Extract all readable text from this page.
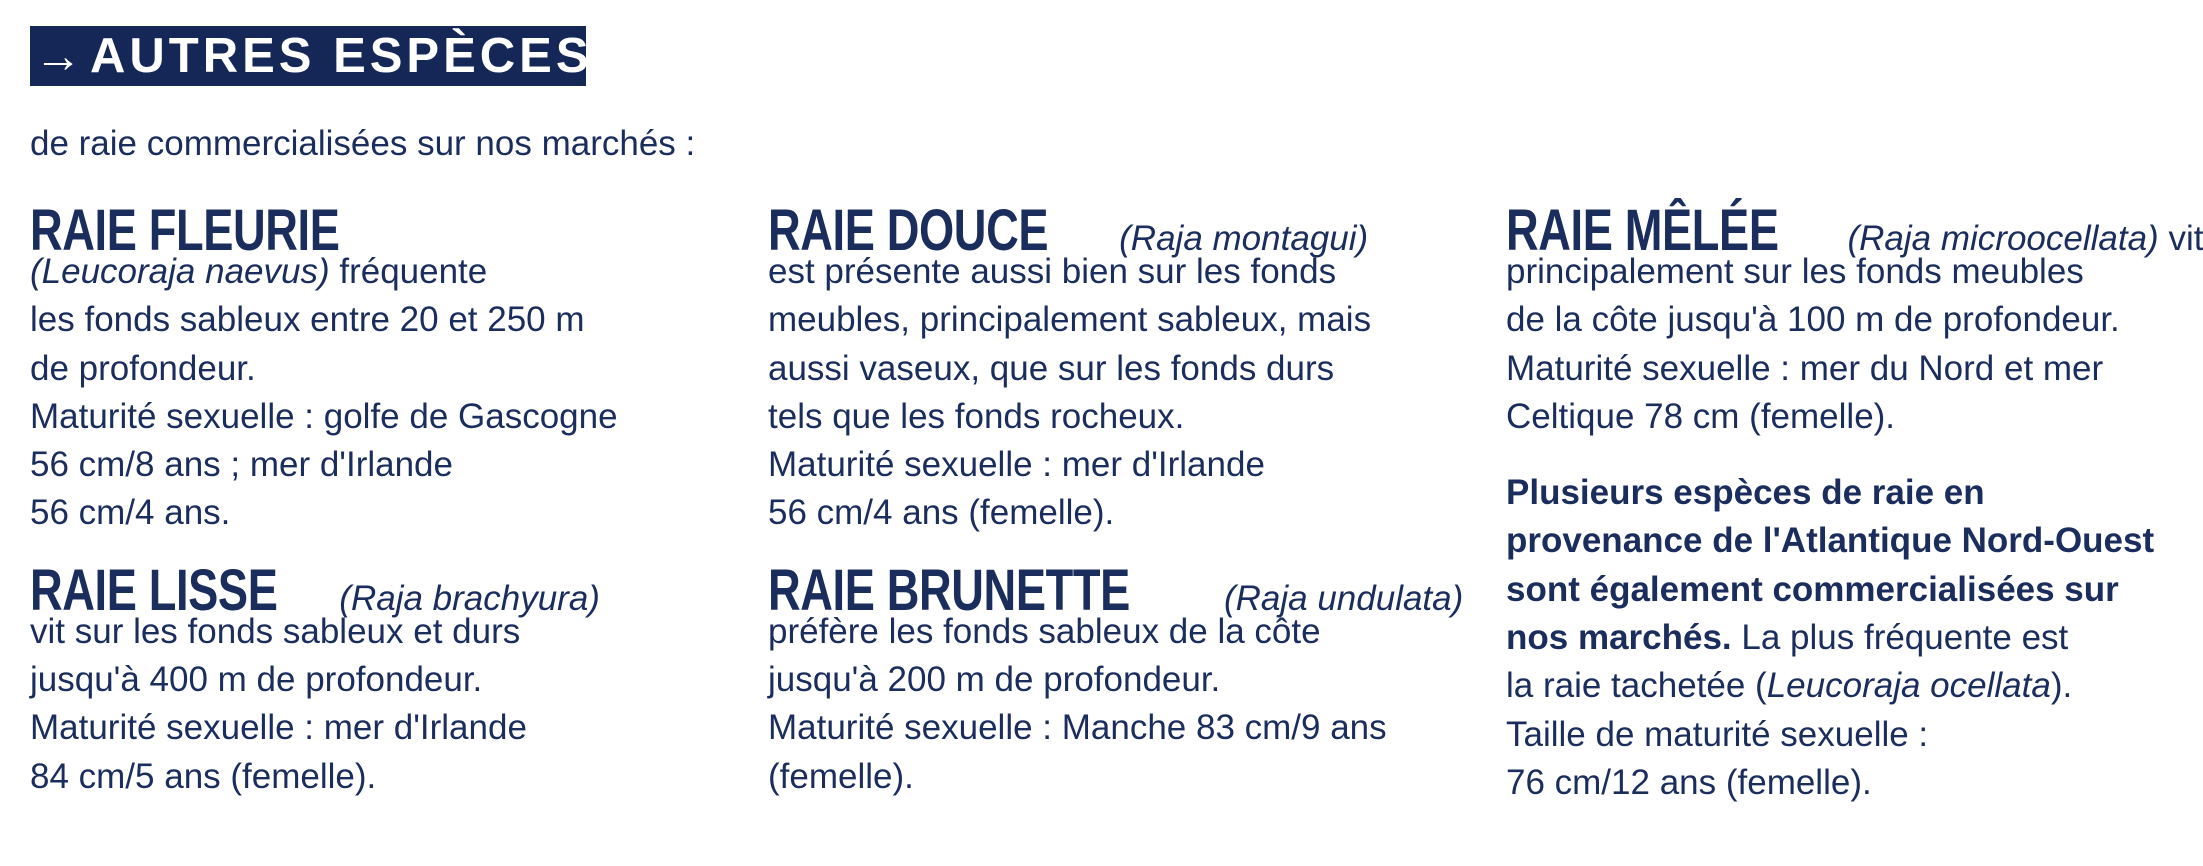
→ AUTRES ESPÈCES
de raie commercialisées sur nos marchés :
RAIE FLEURIE
(Leucoraja naevus) fréquente
les fonds sableux entre 20 et 250 m
de profondeur.
Maturité sexuelle : golfe de Gascogne
56 cm/8 ans ; mer d'Irlande
56 cm/4 ans.
RAIE LISSE (Raja brachyura)
vit sur les fonds sableux et durs
jusqu'à 400 m de profondeur.
Maturité sexuelle : mer d'Irlande
84 cm/5 ans (femelle).
RAIE DOUCE (Raja montagui)
est présente aussi bien sur les fonds
meubles, principalement sableux, mais
aussi vaseux, que sur les fonds durs
tels que les fonds rocheux.
Maturité sexuelle : mer d'Irlande
56 cm/4 ans (femelle).
RAIE BRUNETTE	(Raja undulata)
préfère les fonds sableux de la côte
jusqu'à 200 m de profondeur.
Maturité sexuelle : Manche 83 cm/9 ans
(femelle).
RAIE MÊLÉE (Raja microocellata) vit
principalement sur les fonds meubles
de la côte jusqu'à 100 m de profondeur.
Maturité sexuelle : mer du Nord et mer
Celtique 78 cm (femelle).
Plusieurs espèces de raie en
provenance de l'Atlantique Nord-Ouest
sont également commercialisées sur
nos marchés. La plus fréquente est
la raie tachetée (Leucoraja ocellata).
Taille de maturité sexuelle :
76 cm/12 ans (femelle).
